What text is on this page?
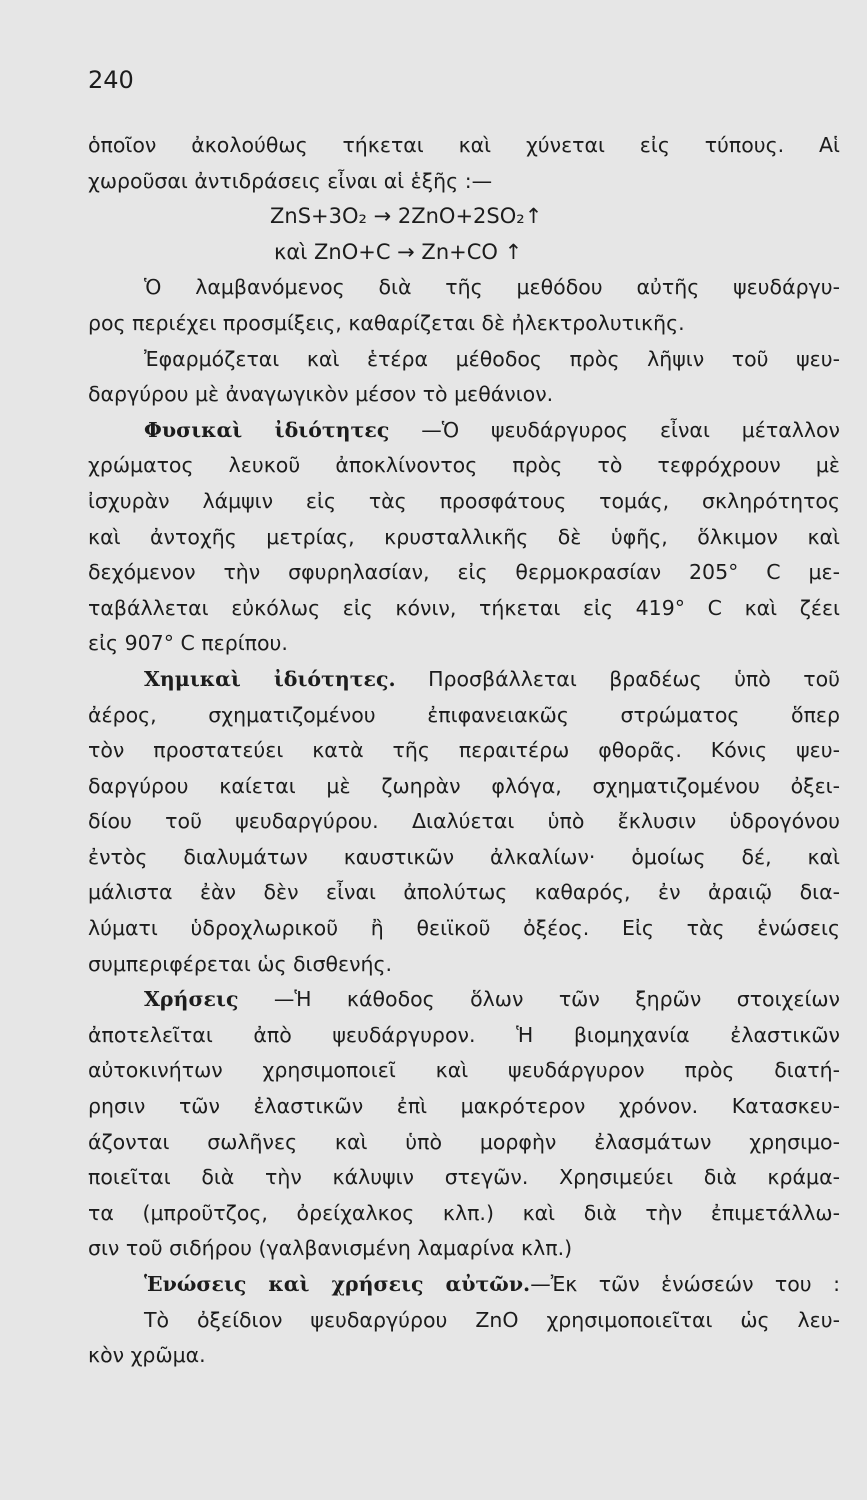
240
ὁποῖον ἀκολούθως τήκεται καὶ χύνεται εἰς τύπους. Αἱ
χωροῦσαι ἀντιδράσεις εἶναι αἱ ἑξῆς :—
ZnS+3O₂ → 2ZnO+2SO₂↑
καὶ ZnO+C → Zn+CO ↑
Ὁ λαμβανόμενος διὰ τῆς μεθόδου αὐτῆς ψευδάργυ-
ρος περιέχει προσμίξεις, καθαρίζεται δὲ ἠλεκτρολυτικῆς.
Ἐφαρμόζεται καὶ ἑτέρα μέθοδος πρὸς λῆψιν τοῦ ψευ-
δαργύρου μὲ ἀναγωγικὸν μέσον τὸ μεθάνιον.
Φυσικαὶ ἰδιότητες —Ὁ ψευδάργυρος εἶναι μέταλλον
χρώματος λευκοῦ ἀποκλίνοντος πρὸς τὸ τεφρόχρουν μὲ
ἰσχυρὰν λάμψιν εἰς τὰς προσφάτους τομάς, σκληρότητος
καὶ ἀντοχῆς μετρίας, κρυσταλλικῆς δὲ ὑφῆς, ὅλκιμον καὶ
δεχόμενον τὴν σφυρηλασίαν, εἰς θερμοκρασίαν 205° C με-
ταβάλλεται εὐκόλως εἰς κόνιν, τήκεται εἰς 419° C καὶ ζέει
εἰς 907° C περίπου.
Χημικαὶ ἰδιότητες. Προσβάλλεται βραδέως ὑπὸ τοῦ
ἀέρος, σχηματιζομένου ἐπιφανειακῶς στρώματος ὅπερ
τὸν προστατεύει κατὰ τῆς περαιτέρω φθορᾶς. Κόνις ψευ-
δαργύρου καίεται μὲ ζωηρὰν φλόγα, σχηματιζομένου ὀξει-
δίου τοῦ ψευδαργύρου. Διαλύεται ὑπὸ ἔκλυσιν ὑδρογόνου
ἐντὸς διαλυμάτων καυστικῶν ἀλκαλίων· ὁμοίως δέ, καὶ
μάλιστα ἐὰν δὲν εἶναι ἀπολύτως καθαρός, ἐν ἀραιῷ δια-
λύματι ὑδροχλωρικοῦ ἢ θειϊκοῦ ὀξέος. Εἰς τὰς ἑνώσεις
συμπεριφέρεται ὡς δισθενής.
Χρήσεις —Ἡ κάθοδος ὅλων τῶν ξηρῶν στοιχείων
ἀποτελεῖται ἀπὸ ψευδάργυρον. Ἡ βιομηχανία ἐλαστικῶν
αὐτοκινήτων χρησιμοποιεῖ καὶ ψευδάργυρον πρὸς διατή-
ρησιν τῶν ἐλαστικῶν ἐπὶ μακρότερον χρόνον. Κατασκευ-
άζονται σωλῆνες καὶ ὑπὸ μορφὴν ἐλασμάτων χρησιμο-
ποιεῖται διὰ τὴν κάλυψιν στεγῶν. Χρησιμεύει διὰ κράμα-
τα (μπροῦτζος, ὀρείχαλκος κλπ.) καὶ διὰ τὴν ἐπιμετάλλω-
σιν τοῦ σιδήρου (γαλβανισμένη λαμαρίνα κλπ.)
Ἑνώσεις καὶ χρήσεις αὐτῶν.—Ἐκ τῶν ἑνώσεών του :
Τὸ ὀξείδιον ψευδαργύρου ZnO χρησιμοποιεῖται ὡς λευ-
κὸν χρῶμα.
